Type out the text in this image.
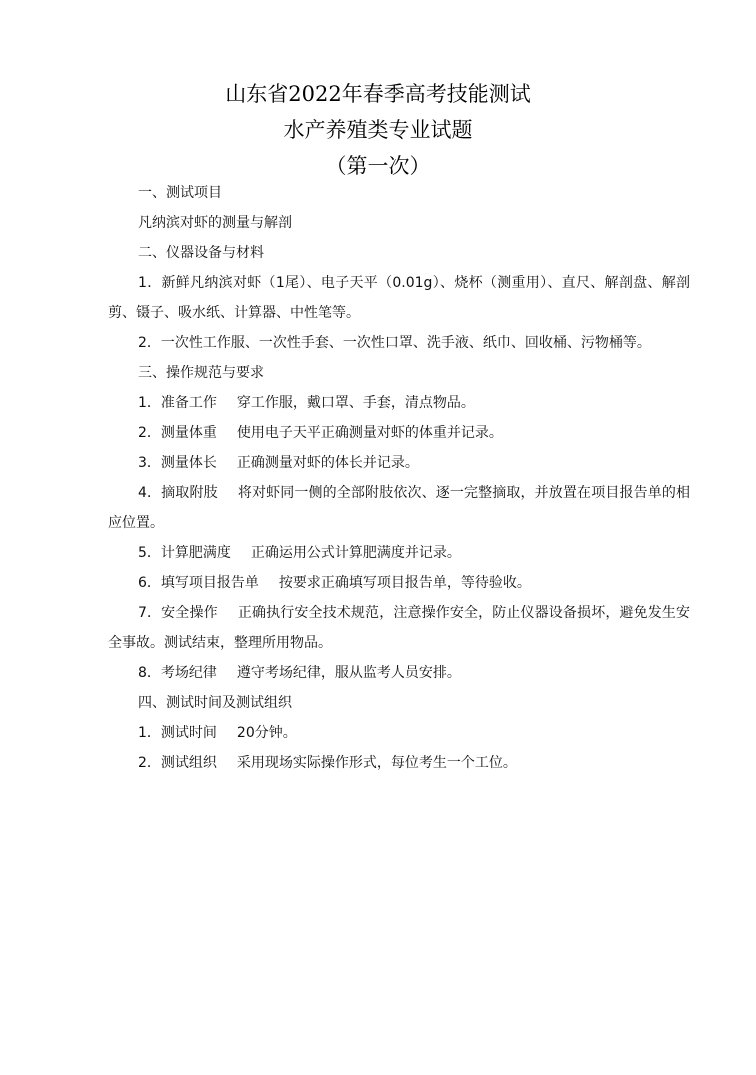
山东省2022年春季高考技能测试
水产养殖类专业试题
（第一次）
一、测试项目
凡纳滨对虾的测量与解剖
二、仪器设备与材料
1．新鲜凡纳滨对虾（1尾）、电子天平（0.01g）、烧杯（测重用）、直尺、解剖盘、解剖剪、镊子、吸水纸、计算器、中性笔等。
2．一次性工作服、一次性手套、一次性口罩、洗手液、纸巾、回收桶、污物桶等。
三、操作规范与要求
1．准备工作 穿工作服，戴口罩、手套，清点物品。
2．测量体重 使用电子天平正确测量对虾的体重并记录。
3．测量体长 正确测量对虾的体长并记录。
4．摘取附肢 将对虾同一侧的全部附肢依次、逐一完整摘取，并放置在项目报告单的相应位置。
5．计算肥满度 正确运用公式计算肥满度并记录。
6．填写项目报告单 按要求正确填写项目报告单，等待验收。
7．安全操作 正确执行安全技术规范，注意操作安全，防止仪器设备损坏，避免发生安全事故。测试结束，整理所用物品。
8．考场纪律 遵守考场纪律，服从监考人员安排。
四、测试时间及测试组织
1．测试时间 20分钟。
2．测试组织 采用现场实际操作形式，每位考生一个工位。
